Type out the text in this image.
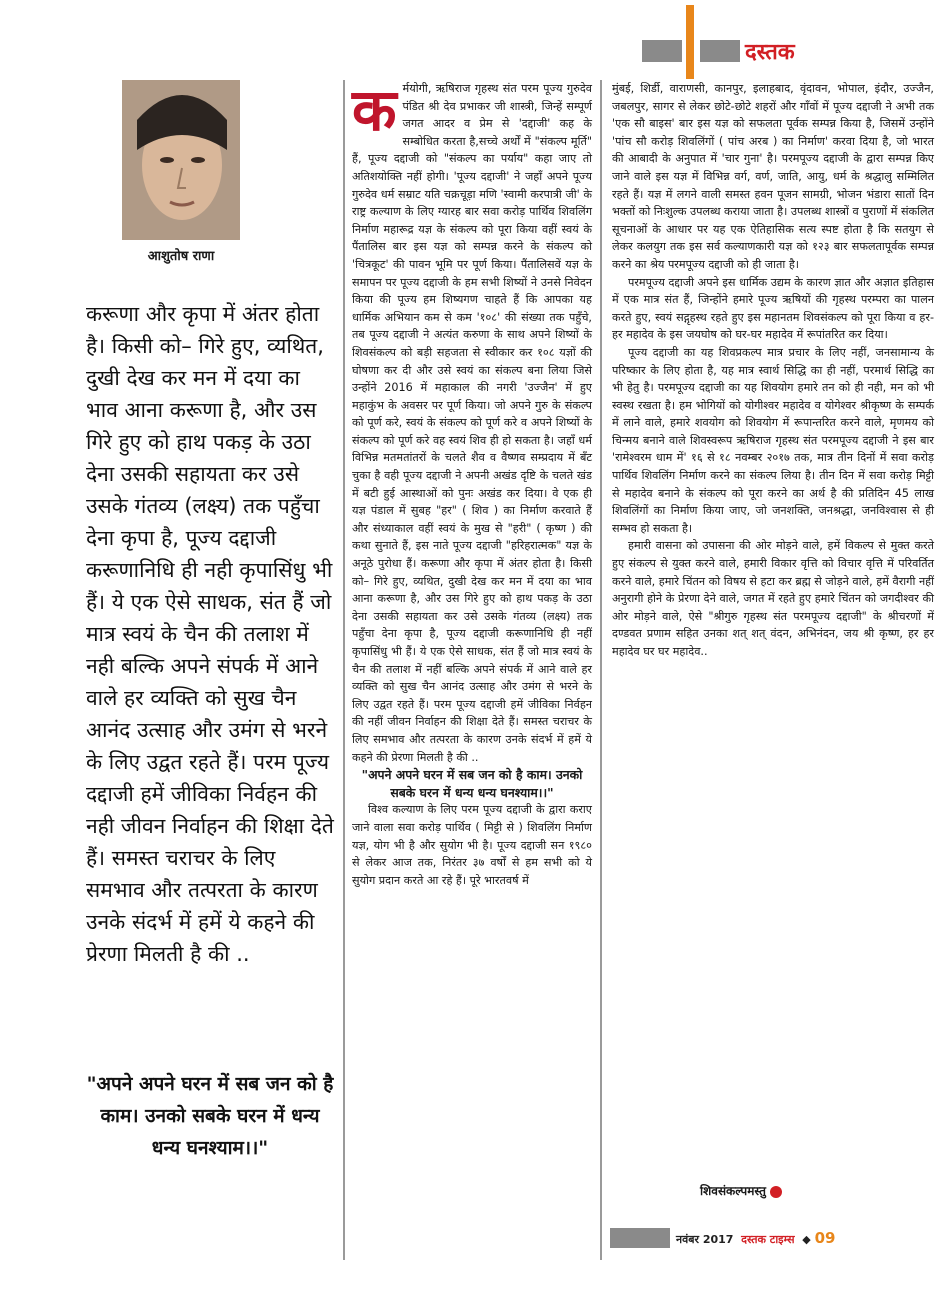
दस्तक
आशुतोष राणा
करूणा और कृपा में अंतर होता है। किसी को– गिरे हुए, व्यथित, दुखी देख कर मन में दया का भाव आना करूणा है, और उस गिरे हुए को हाथ पकड़ के उठा देना उसकी सहायता कर उसे उसके गंतव्य (लक्ष्य) तक पहुँचा देना कृपा है, पूज्य दद्दाजी करूणानिधि ही नही कृपासिंधु भी हैं। ये एक ऐसे साधक, संत हैं जो मात्र स्वयं के चैन की तलाश में नही बल्कि अपने संपर्क में आने वाले हर व्यक्ति को सुख चैन आनंद उत्साह और उमंग से भरने के लिए उद्वत रहते हैं। परम पूज्य दद्दाजी हमें जीविका निर्वहन की नही जीवन निर्वाहन की शिक्षा देते हैं। समस्त चराचर के लिए समभाव और तत्परता के कारण उनके संदर्भ में हमें ये कहने की प्रेरणा मिलती है की ..
"अपने अपने घरन में सब जन को है काम। उनको सबके घरन में धन्य धन्य घनश्याम।।"
क र्मयोगी, ऋषिराज गृहस्थ संत परम पूज्य गुरुदेव पंडित श्री देव प्रभाकर जी शास्त्री, जिन्हें सम्पूर्ण जगत आदर व प्रेम से 'दद्दाजी' कह के सम्बोधित करता है,सच्चे अर्थों में "संकल्प मूर्ति" हैं, पूज्य दद्दाजी को "संकल्प का पर्याय" कहा जाए तो अतिशयोक्ति नहीं होगी। 'पूज्य दद्दाजी' ने जहाँ अपने पूज्य गुरुदेव धर्म सम्राट यति चक्रचूड़ा मणि 'स्वामी करपात्री जी' के राष्ट्र कल्याण के लिए ग्यारह बार सवा करोड़ पार्थिव शिवलिंग निर्माण महारूद्र यज्ञ के संकल्प को पूरा किया वहीं स्वयं के पैंतालिस बार इस यज्ञ को सम्पन्न करने के संकल्प को 'चित्रकूट' की पावन भूमि पर पूर्ण किया। पैंतालिसवें यज्ञ के समापन पर पूज्य दद्दाजी के हम सभी शिष्यों ने उनसे निवेदन किया की पूज्य हम शिष्यगण चाहते हैं कि आपका यह धार्मिक अभियान कम से कम '१०८' की संख्या तक पहुँचे, तब पूज्य दद्दाजी ने अत्यंत करुणा के साथ अपने शिष्यों के शिवसंकल्प को बड़ी सहजता से स्वीकार कर १०८ यज्ञों की घोषणा कर दी और उसे स्वयं का संकल्प बना लिया जिसे उन्होंने 2016 में महाकाल की नगरी 'उज्जैन' में हुए महाकुंभ के अवसर पर पूर्ण किया। जो अपने गुरु के संकल्प को पूर्ण करे, स्वयं के संकल्प को पूर्ण करे व अपने शिष्यों के संकल्प को पूर्ण करे वह स्वयं शिव ही हो सकता है। जहाँ धर्म विभिन्न मतमतांतरों के चलते शैव व वैष्णव सम्प्रदाय में बँट चुका है वही पूज्य दद्दाजी ने अपनी अखंड दृष्टि के चलते खंड में बटी हुई आस्थाओं को पुनः अखंड कर दिया। वे एक ही यज्ञ पंडाल में सुबह "हर" ( शिव ) का निर्माण करवाते हैं और संध्याकाल वहीं स्वयं के मुख से "हरी" ( कृष्ण ) की कथा सुनाते हैं, इस नाते पूज्य दद्दाजी "हरिहरात्मक" यज्ञ के अनूठे पुरोधा हैं। करूणा और कृपा में अंतर होता है। किसी को– गिरे हुए, व्यथित, दुखी देख कर मन में दया का भाव आना करूणा है, और उस गिरे हुए को हाथ पकड़ के उठा देना उसकी सहायता कर उसे उसके गंतव्य (लक्ष्य) तक पहुँचा देना कृपा है, पूज्य दद्दाजी करूणानिधि ही नहीं कृपासिंधु भी हैं। ये एक ऐसे साधक, संत हैं जो मात्र स्वयं के चैन की तलाश में नहीं बल्कि अपने संपर्क में आने वाले हर व्यक्ति को सुख चैन आनंद उत्साह और उमंग से भरने के लिए उद्वत रहते हैं। परम पूज्य दद्दाजी हमें जीविका निर्वहन की नहीं जीवन निर्वाहन की शिक्षा देते हैं। समस्त चराचर के लिए समभाव और तत्परता के कारण उनके संदर्भ में हमें ये कहने की प्रेरणा मिलती है की ..

"अपने अपने घरन में सब जन को है काम। उनको सबके घरन में धन्य धन्य घनश्याम।।"

विश्व कल्याण के लिए परम पूज्य दद्दाजी के द्वारा कराए जाने वाला सवा करोड़ पार्थिव ( मिट्टी से ) शिवलिंग निर्माण यज्ञ, योग भी है और सुयोग भी है। पूज्य दद्दाजी सन १९८० से लेकर आज तक, निरंतर ३७ वर्षों से हम सभी को ये सुयोग प्रदान करते आ रहे हैं। पूरे भारतवर्ष में

मुंबई, शिर्डी, वाराणसी, कानपुर, इलाहबाद, वृंदावन, भोपाल, इंदौर, उज्जैन, जबलपुर, सागर से लेकर छोटे-छोटे शहरों और गाँवों में पूज्य दद्दाजी ने अभी तक 'एक सौ बाइस' बार इस यज्ञ को सफलता पूर्वक सम्पन्न किया है, जिसमें उन्होंने 'पांच सौ करोड़ शिवलिंगों ( पांच अरब ) का निर्माण' करवा दिया है, जो भारत की आबादी के अनुपात में 'चार गुना' है। परमपूज्य दद्दाजी के द्वारा सम्पन्न किए जाने वाले इस यज्ञ में विभिन्न वर्ग, वर्ण, जाति, आयु, धर्म के श्रद्धालु सम्मिलित रहते हैं। यज्ञ में लगने वाली समस्त हवन पूजन सामग्री, भोजन भंडारा सातों दिन भक्तों को निःशुल्क उपलब्ध कराया जाता है। उपलब्ध शास्त्रों व पुराणों में संकलित सूचनाओं के आधार पर यह एक ऐतिहासिक सत्य स्पष्ट होता है कि सतयुग से लेकर कलयुग तक इस सर्व कल्याणकारी यज्ञ को १२३ बार सफलतापूर्वक सम्पन्न करने का श्रेय परमपूज्य दद्दाजी को ही जाता है।

परमपूज्य दद्दाजी अपने इस धार्मिक उद्यम के कारण ज्ञात और अज्ञात इतिहास में एक मात्र संत हैं, जिन्होंने हमारे पूज्य ऋषियों की गृहस्थ परम्परा का पालन करते हुए, स्वयं सद्गृहस्थ रहते हुए इस महानतम शिवसंकल्प को पूरा किया व हर-हर महादेव के इस जयघोष को घर-घर महादेव में रूपांतरित कर दिया।

पूज्य दद्दाजी का यह शिवप्रकल्प मात्र प्रचार के लिए नहीं, जनसामान्य के परिष्कार के लिए होता है, यह मात्र स्वार्थ सिद्धि का ही नहीं, परमार्थ सिद्धि का भी हेतु है। परमपूज्य दद्दाजी का यह शिवयोग हमारे तन को ही नही, मन को भी स्वस्थ रखता है। हम भोगियों को योगीश्वर महादेव व योगेश्वर श्रीकृष्ण के सम्पर्क में लाने वाले, हमारे शवयोग को शिवयोग में रूपान्तरित करने वाले, मृणमय को चिन्मय बनाने वाले शिवस्वरूप ऋषिराज गृहस्थ संत परमपूज्य दद्दाजी ने इस बार 'रामेश्वरम धाम में' १६ से १८ नवम्बर २०१७ तक, मात्र तीन दिनों में सवा करोड़ पार्थिव शिवलिंग निर्माण करने का संकल्प लिया है। तीन दिन में सवा करोड़ मिट्टी से महादेव बनाने के संकल्प को पूरा करने का अर्थ है की प्रतिदिन 45 लाख शिवलिंगों का निर्माण किया जाए, जो जनशक्ति, जनश्रद्धा, जनविश्वास से ही सम्भव हो सकता है।

हमारी वासना को उपासना की ओर मोड़ने वाले, हमें विकल्प से मुक्त करते हुए संकल्प से युक्त करने वाले, हमारी विकार वृत्ति को विचार वृत्ति में परिवर्तित करने वाले, हमारे चिंतन को विषय से हटा कर ब्रह्म से जोड़ने वाले, हमें वैरागी नहीं अनुरागी होने के प्रेरणा देने वाले, जगत में रहते हुए हमारे चिंतन को जगदीश्वर की ओर मोड़ने वाले, ऐसे "श्रीगुरु गृहस्थ संत परमपूज्य दद्दाजी" के श्रीचरणों में दण्डवत प्रणाम सहित उनका शत् शत् वंदन, अभिनंदन, जय श्री कृष्ण, हर हर महादेव घर घर महादेव..

शिवसंकल्पमस्तु
नवंबर 2017 दस्तक टाइम्स  ◆ 09
